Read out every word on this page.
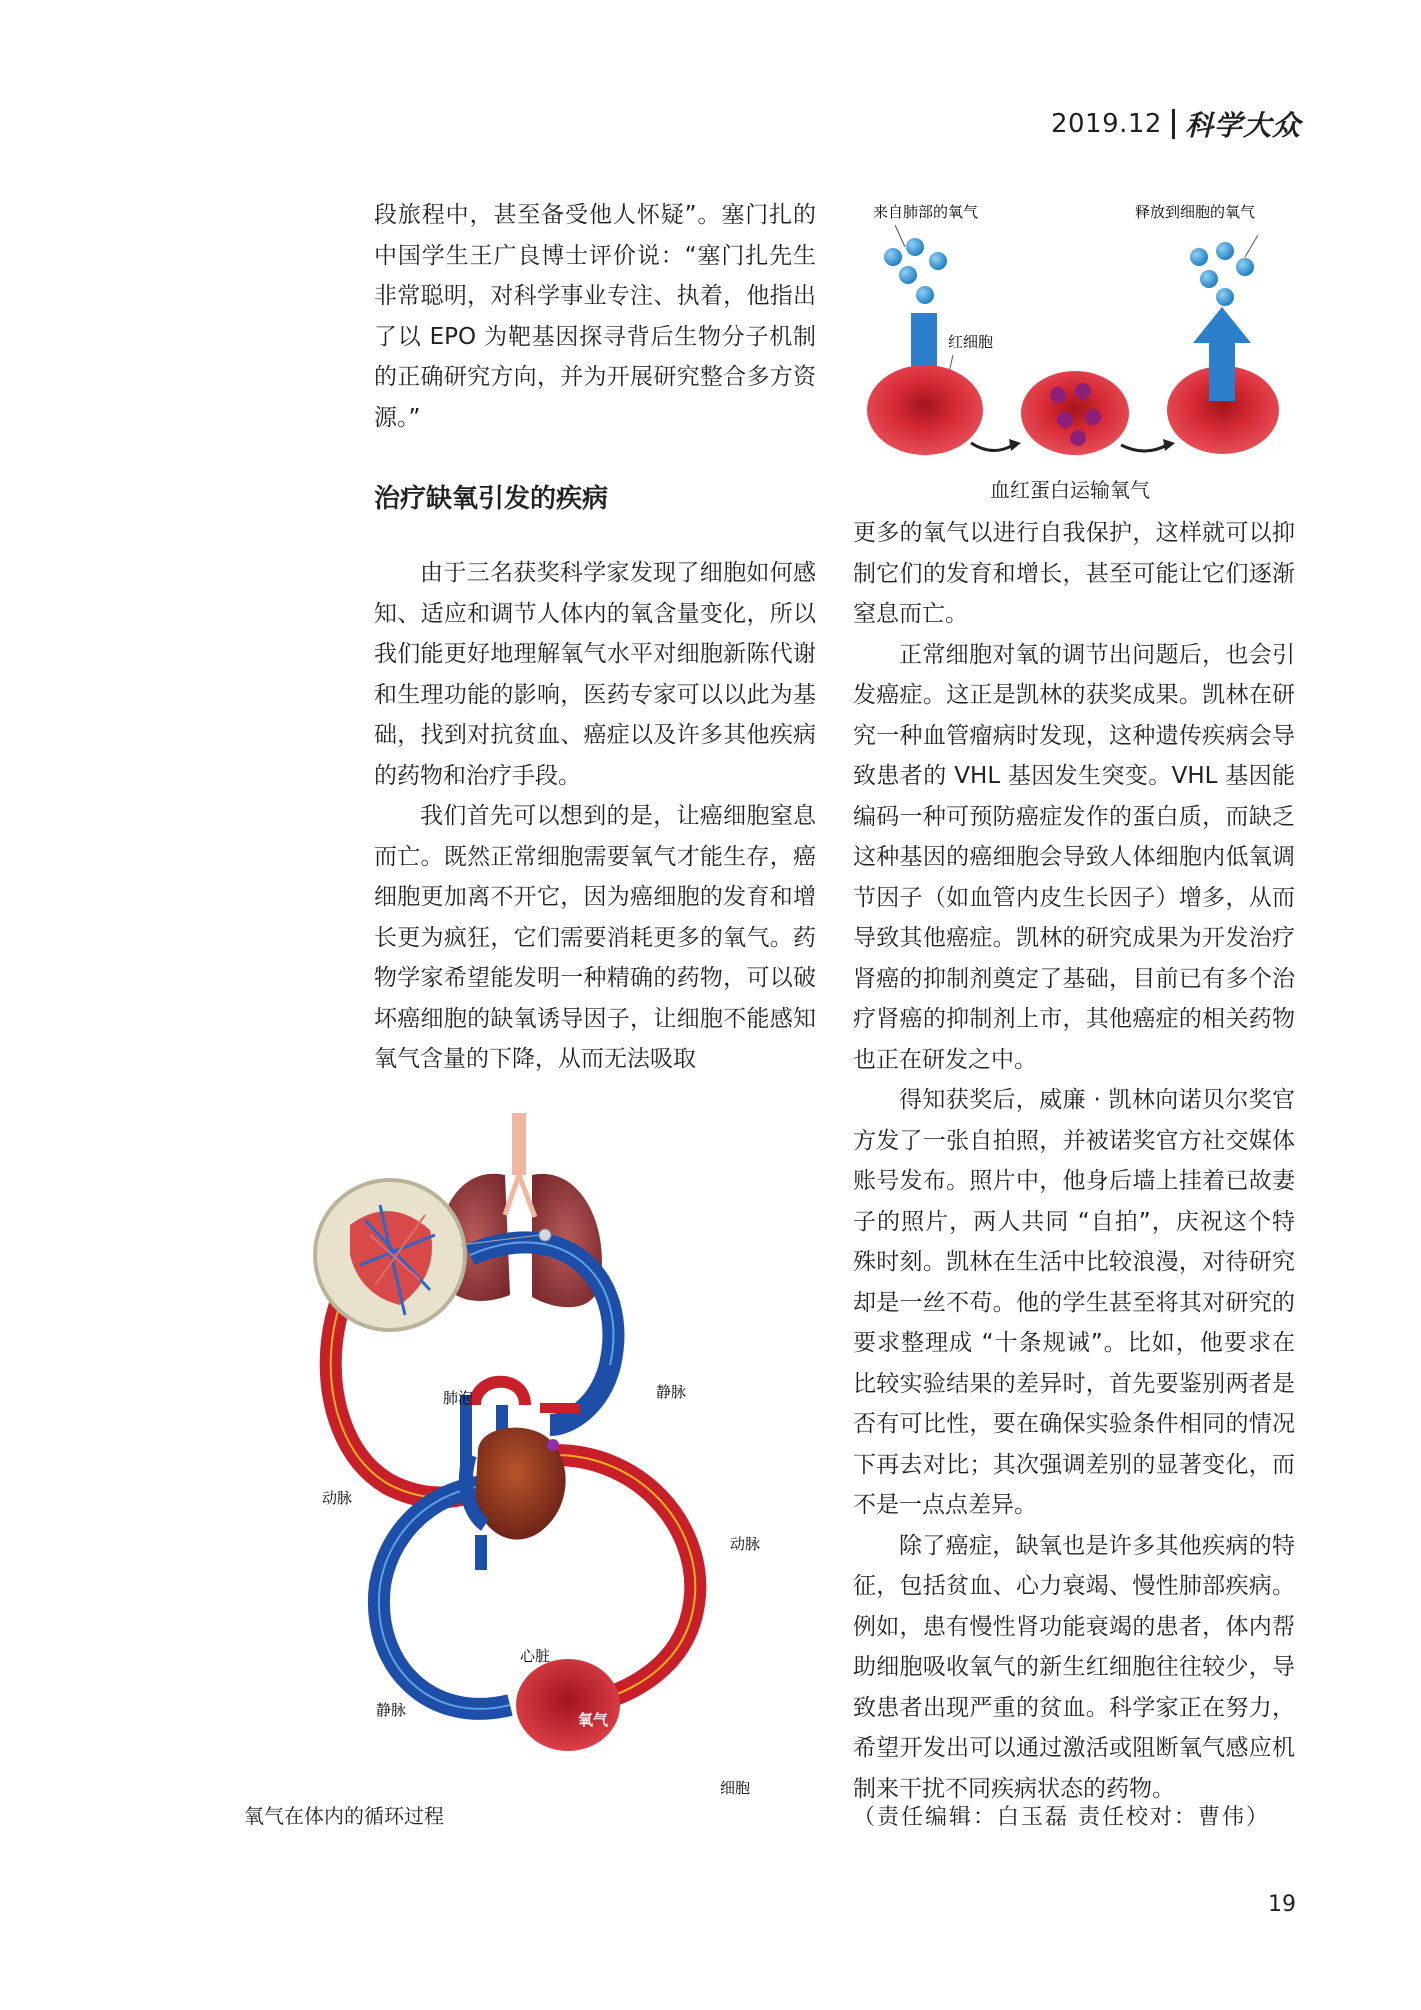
2019.12 科学大众

段旅程中，甚至备受他人怀疑”。塞门扎的中国学生王广良博士评价说：“塞门扎先生非常聪明，对科学事业专注、执着，他指出了以 EPO 为靶基因探寻背后生物分子机制的正确研究方向，并为开展研究整合多方资源。”

治疗缺氧引发的疾病

由于三名获奖科学家发现了细胞如何感知、适应和调节人体内的氧含量变化，所以我们能更好地理解氧气水平对细胞新陈代谢和生理功能的影响，医药专家可以以此为基础，找到对抗贫血、癌症以及许多其他疾病的药物和治疗手段。

我们首先可以想到的是，让癌细胞窒息而亡。既然正常细胞需要氧气才能生存，癌细胞更加离不开它，因为癌细胞的发育和增长更为疯狂，它们需要消耗更多的氧气。药物学家希望能发明一种精确的药物，可以破坏癌细胞的缺氧诱导因子，让细胞不能感知氧气含量的下降，从而无法吸取

更多的氧气以进行自我保护，这样就可以抑制它们的发育和增长，甚至可能让它们逐渐窒息而亡。

正常细胞对氧的调节出问题后，也会引发癌症。这正是凯林的获奖成果。凯林在研究一种血管瘤病时发现，这种遗传疾病会导致患者的 VHL 基因发生突变。VHL 基因能编码一种可预防癌症发作的蛋白质，而缺乏这种基因的癌细胞会导致人体细胞内低氧调节因子（如血管内皮生长因子）增多，从而导致其他癌症。凯林的研究成果为开发治疗肾癌的抑制剂奠定了基础，目前已有多个治疗肾癌的抑制剂上市，其他癌症的相关药物也正在研发之中。

得知获奖后，威廉 · 凯林向诺贝尔奖官方发了一张自拍照，并被诺奖官方社交媒体账号发布。照片中，他身后墙上挂着已故妻子的照片，两人共同 “自拍”，庆祝这个特殊时刻。凯林在生活中比较浪漫，对待研究却是一丝不苟。他的学生甚至将其对研究的要求整理成 “十条规诫”。比如，他要求在比较实验结果的差异时，首先要鉴别两者是否有可比性，要在确保实验条件相同的情况下再去对比；其次强调差别的显著变化，而不是一点点差异。

除了癌症，缺氧也是许多其他疾病的特征，包括贫血、心力衰竭、慢性肺部疾病。例如，患有慢性肾功能衰竭的患者，体内帮助细胞吸收氧气的新生红细胞往往较少，导致患者出现严重的贫血。科学家正在努力，希望开发出可以通过激活或阻断氧气感应机制来干扰不同疾病状态的药物。

来自肺部的氧气	释放到细胞的氧气
红细胞
血红蛋白运输氧气
肺泡	静脉
动脉
动脉
心脏
静脉
氧气
二氧化碳
细胞
氧气在体内的循环过程	（责任编辑：白玉磊 责任校对：曹伟）
19
